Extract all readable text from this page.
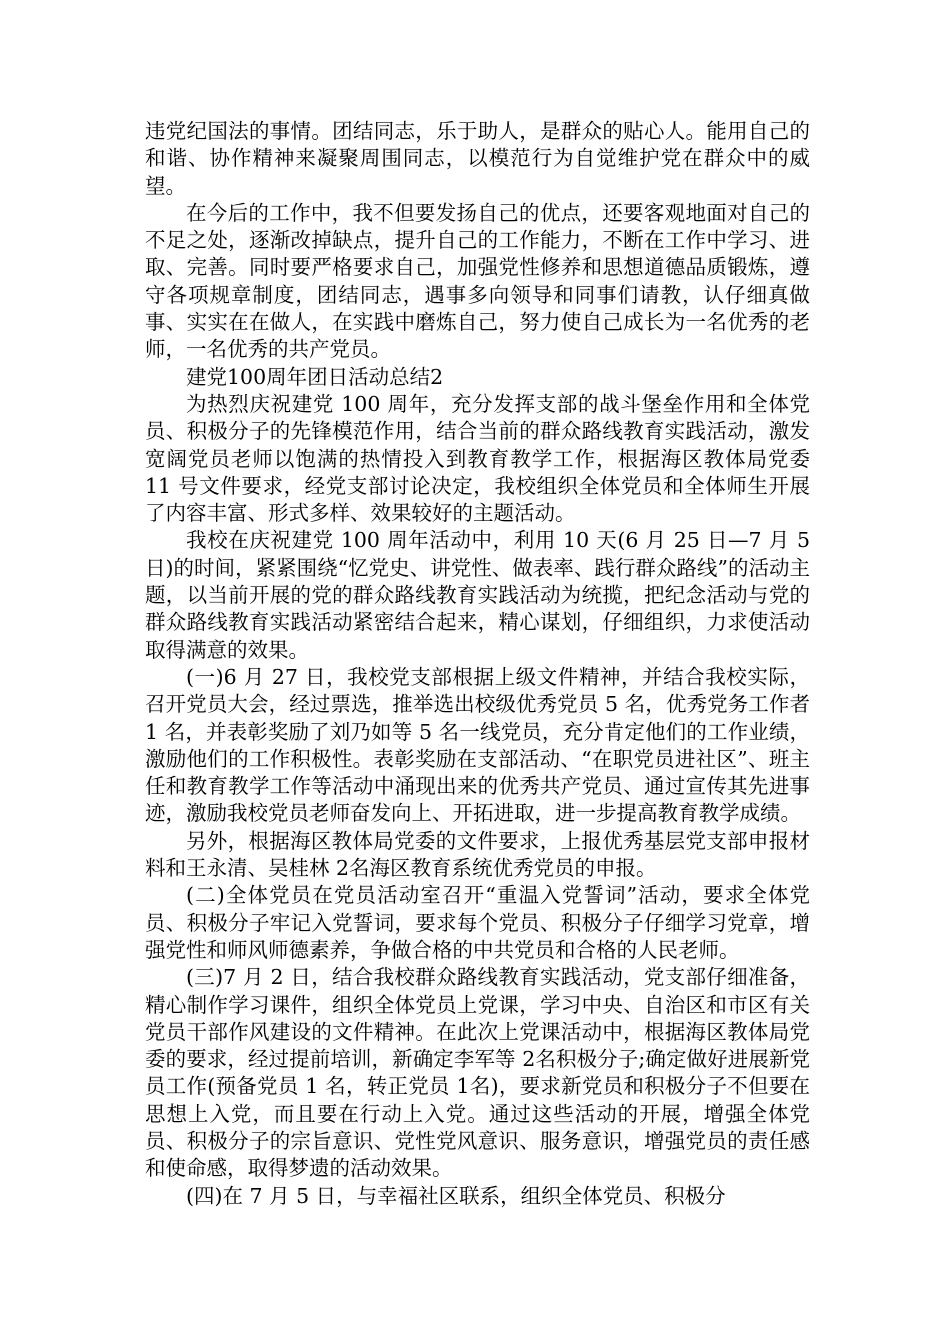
违党纪国法的事情。团结同志，乐于助人，是群众的贴心人。能用自己的和谐、协作精神来凝聚周围同志，以模范行为自觉维护党在群众中的威望。

在今后的工作中，我不但要发扬自己的优点，还要客观地面对自己的不足之处，逐渐改掉缺点，提升自己的工作能力，不断在工作中学习、进取、完善。同时要严格要求自己，加强党性修养和思想道德品质锻炼，遵守各项规章制度，团结同志，遇事多向领导和同事们请教，认仔细真做事、实实在在做人，在实践中磨炼自己，努力使自己成长为一名优秀的老师，一名优秀的共产党员。

建党100周年团日活动总结2

为热烈庆祝建党 100 周年，充分发挥支部的战斗堡垒作用和全体党员、积极分子的先锋模范作用，结合当前的群众路线教育实践活动，激发宽阔党员老师以饱满的热情投入到教育教学工作，根据海区教体局党委 11 号文件要求，经党支部讨论决定，我校组织全体党员和全体师生开展了内容丰富、形式多样、效果较好的主题活动。

我校在庆祝建党 100 周年活动中，利用 10 天(6 月 25 日—7 月 5 日)的时间，紧紧围绕“忆党史、讲党性、做表率、践行群众路线”的活动主题，以当前开展的党的群众路线教育实践活动为统揽，把纪念活动与党的群众路线教育实践活动紧密结合起来，精心谋划，仔细组织，力求使活动取得满意的效果。

(一)6 月 27 日，我校党支部根据上级文件精神，并结合我校实际，召开党员大会，经过票选，推举选出校级优秀党员 5 名，优秀党务工作者 1 名，并表彰奖励了刘乃如等 5 名一线党员，充分肯定他们的工作业绩，激励他们的工作积极性。表彰奖励在支部活动、“在职党员进社区”、班主任和教育教学工作等活动中涌现出来的优秀共产党员、通过宣传其先进事迹，激励我校党员老师奋发向上、开拓进取，进一步提高教育教学成绩。

另外，根据海区教体局党委的文件要求，上报优秀基层党支部申报材料和王永清、吴桂林 2名海区教育系统优秀党员的申报。

(二)全体党员在党员活动室召开“重温入党誓词”活动，要求全体党员、积极分子牢记入党誓词，要求每个党员、积极分子仔细学习党章，增强党性和师风师德素养，争做合格的中共党员和合格的人民老师。

(三)7 月 2 日，结合我校群众路线教育实践活动，党支部仔细准备，精心制作学习课件，组织全体党员上党课，学习中央、自治区和市区有关党员干部作风建设的文件精神。在此次上党课活动中，根据海区教体局党委的要求，经过提前培训，新确定李军等 2名积极分子;确定做好进展新党员工作(预备党员 1 名，转正党员 1名)，要求新党员和积极分子不但要在思想上入党，而且要在行动上入党。通过这些活动的开展，增强全体党员、积极分子的宗旨意识、党性党风意识、服务意识，增强党员的责任感和使命感，取得梦遗的活动效果。

(四)在 7 月 5 日，与幸福社区联系，组织全体党员、积极分
